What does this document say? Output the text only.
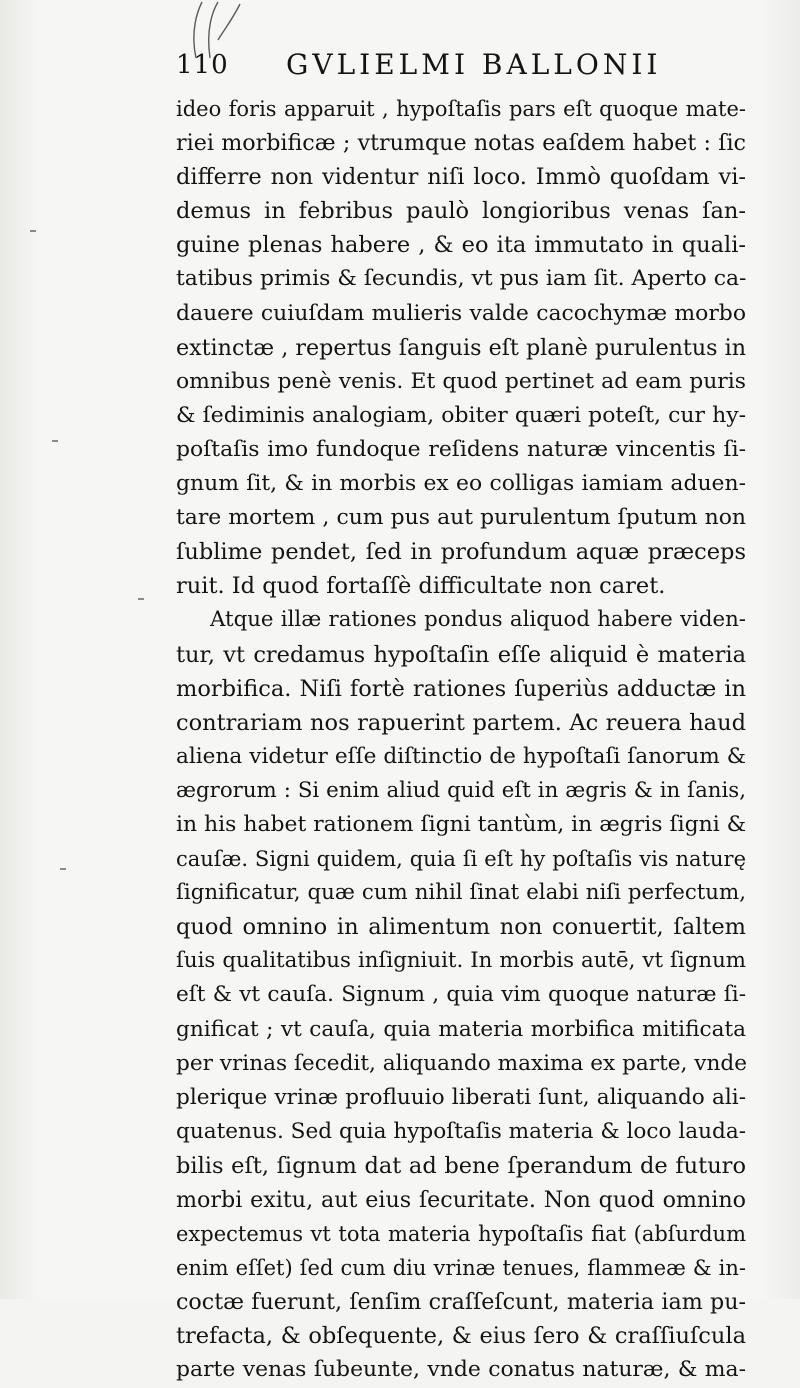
110 GVLIELMI BALLONII
ideo foris apparuit , hypoſtaſis pars eſt quoque mate-
riei morbificæ ; vtrumque notas eaſdem habet : ſic
differre non videntur niſi loco. Immò quoſdam vi-
demus in febribus paulò longioribus venas ſan-
guine plenas habere , & eo ita immutato in quali-
tatibus primis & ſecundis, vt pus iam ſit. Aperto ca-
dauere cuiuſdam mulieris valde cacochymæ morbo
extinctæ , repertus ſanguis eſt planè purulentus in
omnibus penè venis. Et quod pertinet ad eam puris
& ſediminis analogiam, obiter quæri poteſt, cur hy-
poſtaſis imo fundoque reſidens naturæ vincentis ſi-
gnum ſit, & in morbis ex eo colligas iamiam aduen-
tare mortem , cum pus aut purulentum ſputum non
ſublime pendet, ſed in profundum aquæ præceps
ruit. Id quod fortaſſè difficultate non caret.
Atque illæ rationes pondus aliquod habere viden-
tur, vt credamus hypoſtaſin eſſe aliquid è materia
morbifica. Niſi fortè rationes ſuperiùs adductæ in
contrariam nos rapuerint partem. Ac reuera haud
aliena videtur eſſe diſtinctio de hypoſtaſi ſanorum &
ægrorum : Si enim aliud quid eſt in ægris & in ſanis,
in his habet rationem ſigni tantùm, in ægris ſigni &
cauſæ. Signi quidem, quia ſi eſt hy poſtaſis vis naturę
ſignificatur, quæ cum nihil ſinat elabi niſi perfectum,
quod omnino in alimentum non conuertit, ſaltem
ſuis qualitatibus inſigniuit. In morbis autē, vt ſignum
eſt & vt cauſa. Signum , quia vim quoque naturæ ſi-
gnificat ; vt cauſa, quia materia morbifica mitificata
per vrinas ſecedit, aliquando maxima ex parte, vnde
plerique vrinæ profluuio liberati ſunt, aliquando ali-
quatenus. Sed quia hypoſtaſis materia & loco lauda-
bilis eſt, ſignum dat ad bene ſperandum de futuro
morbi exitu, aut eius ſecuritate. Non quod omnino
expectemus vt tota materia hypoſtaſis fiat (abſurdum
enim eſſet) ſed cum diu vrinæ tenues, flammeæ & in-
coctæ fuerunt, ſenſim craſſeſcunt, materia iam pu-
trefacta, & obſequente, & eius ſero & craſſiuſcula
parte venas ſubeunte, vnde conatus naturæ, & ma-
